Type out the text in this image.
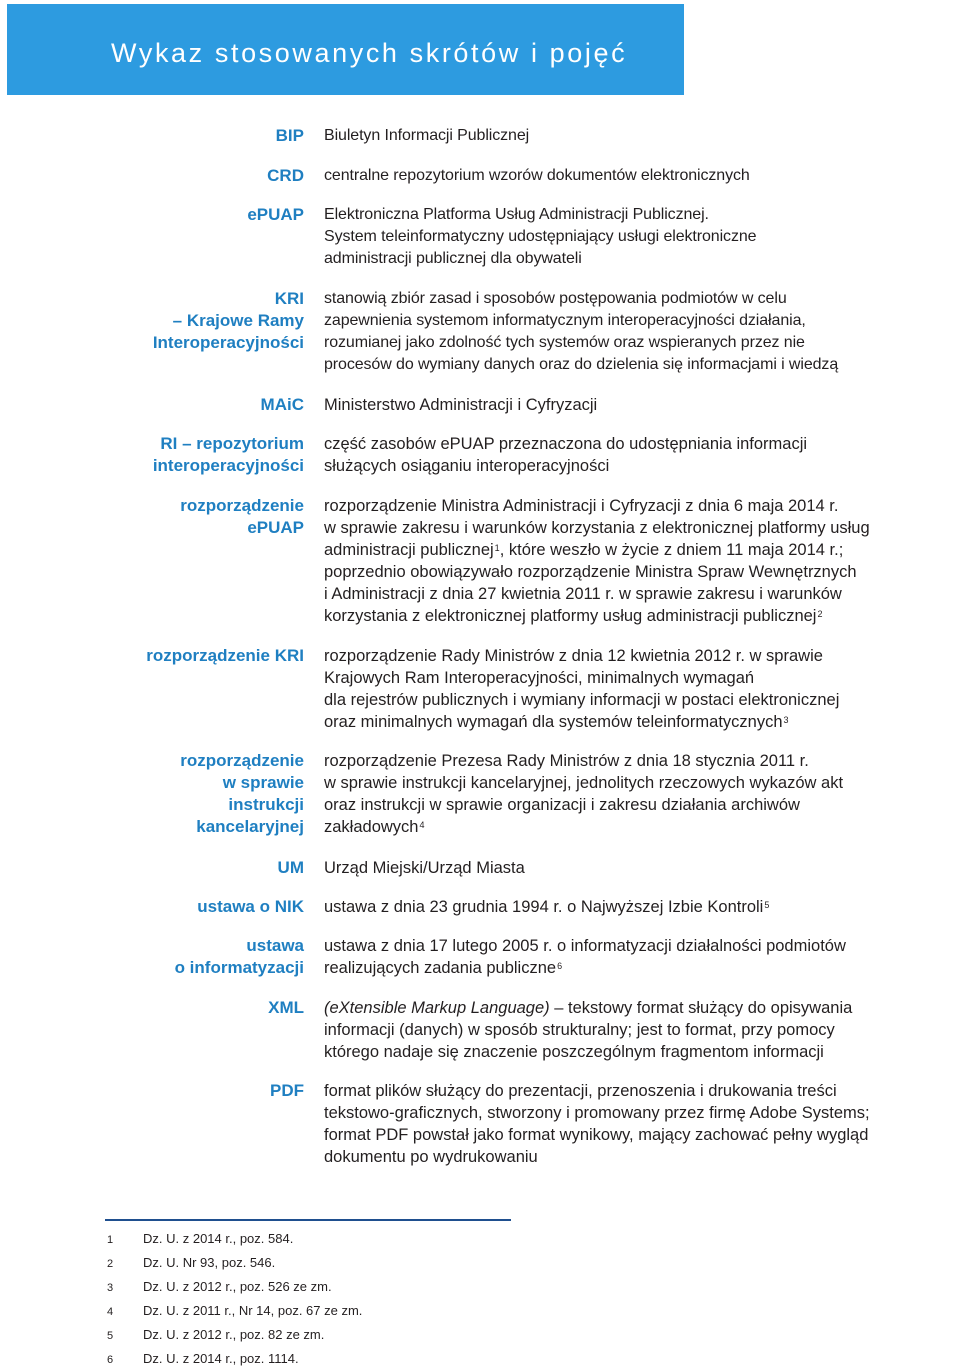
Wykaz stosowanych skrótów i pojęć
BIP Biuletyn Informacji Publicznej
CRD centralne repozytorium wzorów dokumentów elektronicznych
ePUAP Elektroniczna Platforma Usług Administracji Publicznej.
System teleinformatyczny udostępniający usługi elektroniczne
administracji publicznej dla obywateli
KRI
– Krajowe Ramy
Interoperacyjności
stanowią zbiór zasad i sposobów postępowania podmiotów w celu
zapewnienia systemom informatycznym interoperacyjności działania,
rozumianej jako zdolność tych systemów oraz wspieranych przez nie
procesów do wymiany danych oraz do dzielenia się informacjami i wiedzą
MAiC Ministerstwo Administracji i Cyfryzacji
RI – repozytorium
interoperacyjności
część zasobów ePUAP przeznaczona do udostępniania informacji
służących osiąganiu interoperacyjności
rozporządzenie
ePUAP
rozporządzenie Ministra Administracji i Cyfryzacji z dnia 6 maja 2014 r.
w sprawie zakresu i warunków korzystania z elektronicznej platformy usług
administracji publicznej$^1$, które weszło w życie z dniem 11 maja 2014 r.;
poprzednio obowiązywało rozporządzenie Ministra Spraw Wewnętrznych
i Administracji z dnia 27 kwietnia 2011 r. w sprawie zakresu i warunków
korzystania z elektronicznej platformy usług administracji publicznej$^2$
rozporządzenie KRI rozporządzenie Rady Ministrów z dnia 12 kwietnia 2012 r. w sprawie
Krajowych Ram Interoperacyjności, minimalnych wymagań
dla rejestrów publicznych i wymiany informacji w postaci elektronicznej
oraz minimalnych wymagań dla systemów teleinformatycznych$^3$
rozporządzenie
w sprawie
instrukcji
kancelaryjnej
rozporządzenie Prezesa Rady Ministrów z dnia 18 stycznia 2011 r.
w sprawie instrukcji kancelaryjnej, jednolitych rzeczowych wykazów akt
oraz instrukcji w sprawie organizacji i zakresu działania archiwów
zakładowych$^4$
UM Urząd Miejski/Urząd Miasta
ustawa o NIK ustawa z dnia 23 grudnia 1994 r. o Najwyższej Izbie Kontroli$^5$
ustawa
o informatyzacji
ustawa z dnia 17 lutego 2005 r. o informatyzacji działalności podmiotów
realizujących zadania publiczne$^6$
XML (eXtensible Markup Language) – tekstowy format służący do opisywania
informacji (danych) w sposób strukturalny; jest to format, przy pomocy
którego nadaje się znaczenie poszczególnym fragmentom informacji
PDF format plików służący do prezentacji, przenoszenia i drukowania treści
tekstowo-graficznych, stworzony i promowany przez firmę Adobe Systems;
format PDF powstał jako format wynikowy, mający zachować pełny wygląd
dokumentu po wydrukowaniu
1 Dz. U. z 2014 r., poz. 584.
2 Dz. U. Nr 93, poz. 546.
3 Dz. U. z 2012 r., poz. 526 ze zm.
4 Dz. U. z 2011 r., Nr 14, poz. 67 ze zm.
5 Dz. U. z 2012 r., poz. 82 ze zm.
6 Dz. U. z 2014 r., poz. 1114.
